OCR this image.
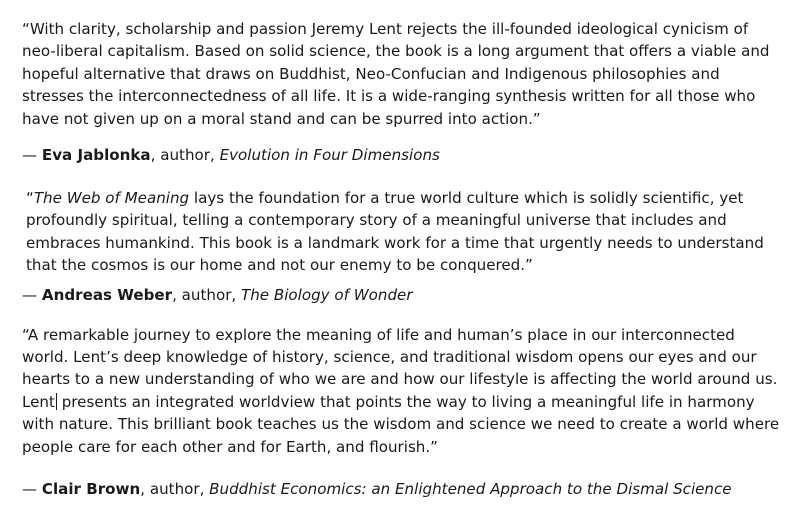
“With clarity, scholarship and passion Jeremy Lent rejects the ill-founded ideological cynicism of neo-liberal capitalism. Based on solid science, the book is a long argument that offers a viable and hopeful alternative that draws on Buddhist, Neo-Confucian and Indigenous philosophies and stresses the interconnectedness of all life. It is a wide-ranging synthesis written for all those who have not given up on a moral stand and can be spurred into action.”

— Eva Jablonka, author, Evolution in Four Dimensions

“The Web of Meaning lays the foundation for a true world culture which is solidly scientific, yet profoundly spiritual, telling a contemporary story of a meaningful universe that includes and embraces humankind. This book is a landmark work for a time that urgently needs to understand that the cosmos is our home and not our enemy to be conquered.”

— Andreas Weber, author, The Biology of Wonder

“A remarkable journey to explore the meaning of life and human’s place in our interconnected world. Lent’s deep knowledge of history, science, and traditional wisdom opens our eyes and our hearts to a new understanding of who we are and how our lifestyle is affecting the world around us. Lent presents an integrated worldview that points the way to living a meaningful life in harmony with nature. This brilliant book teaches us the wisdom and science we need to create a world where people care for each other and for Earth, and flourish.”

— Clair Brown, author, Buddhist Economics: an Enlightened Approach to the Dismal Science
